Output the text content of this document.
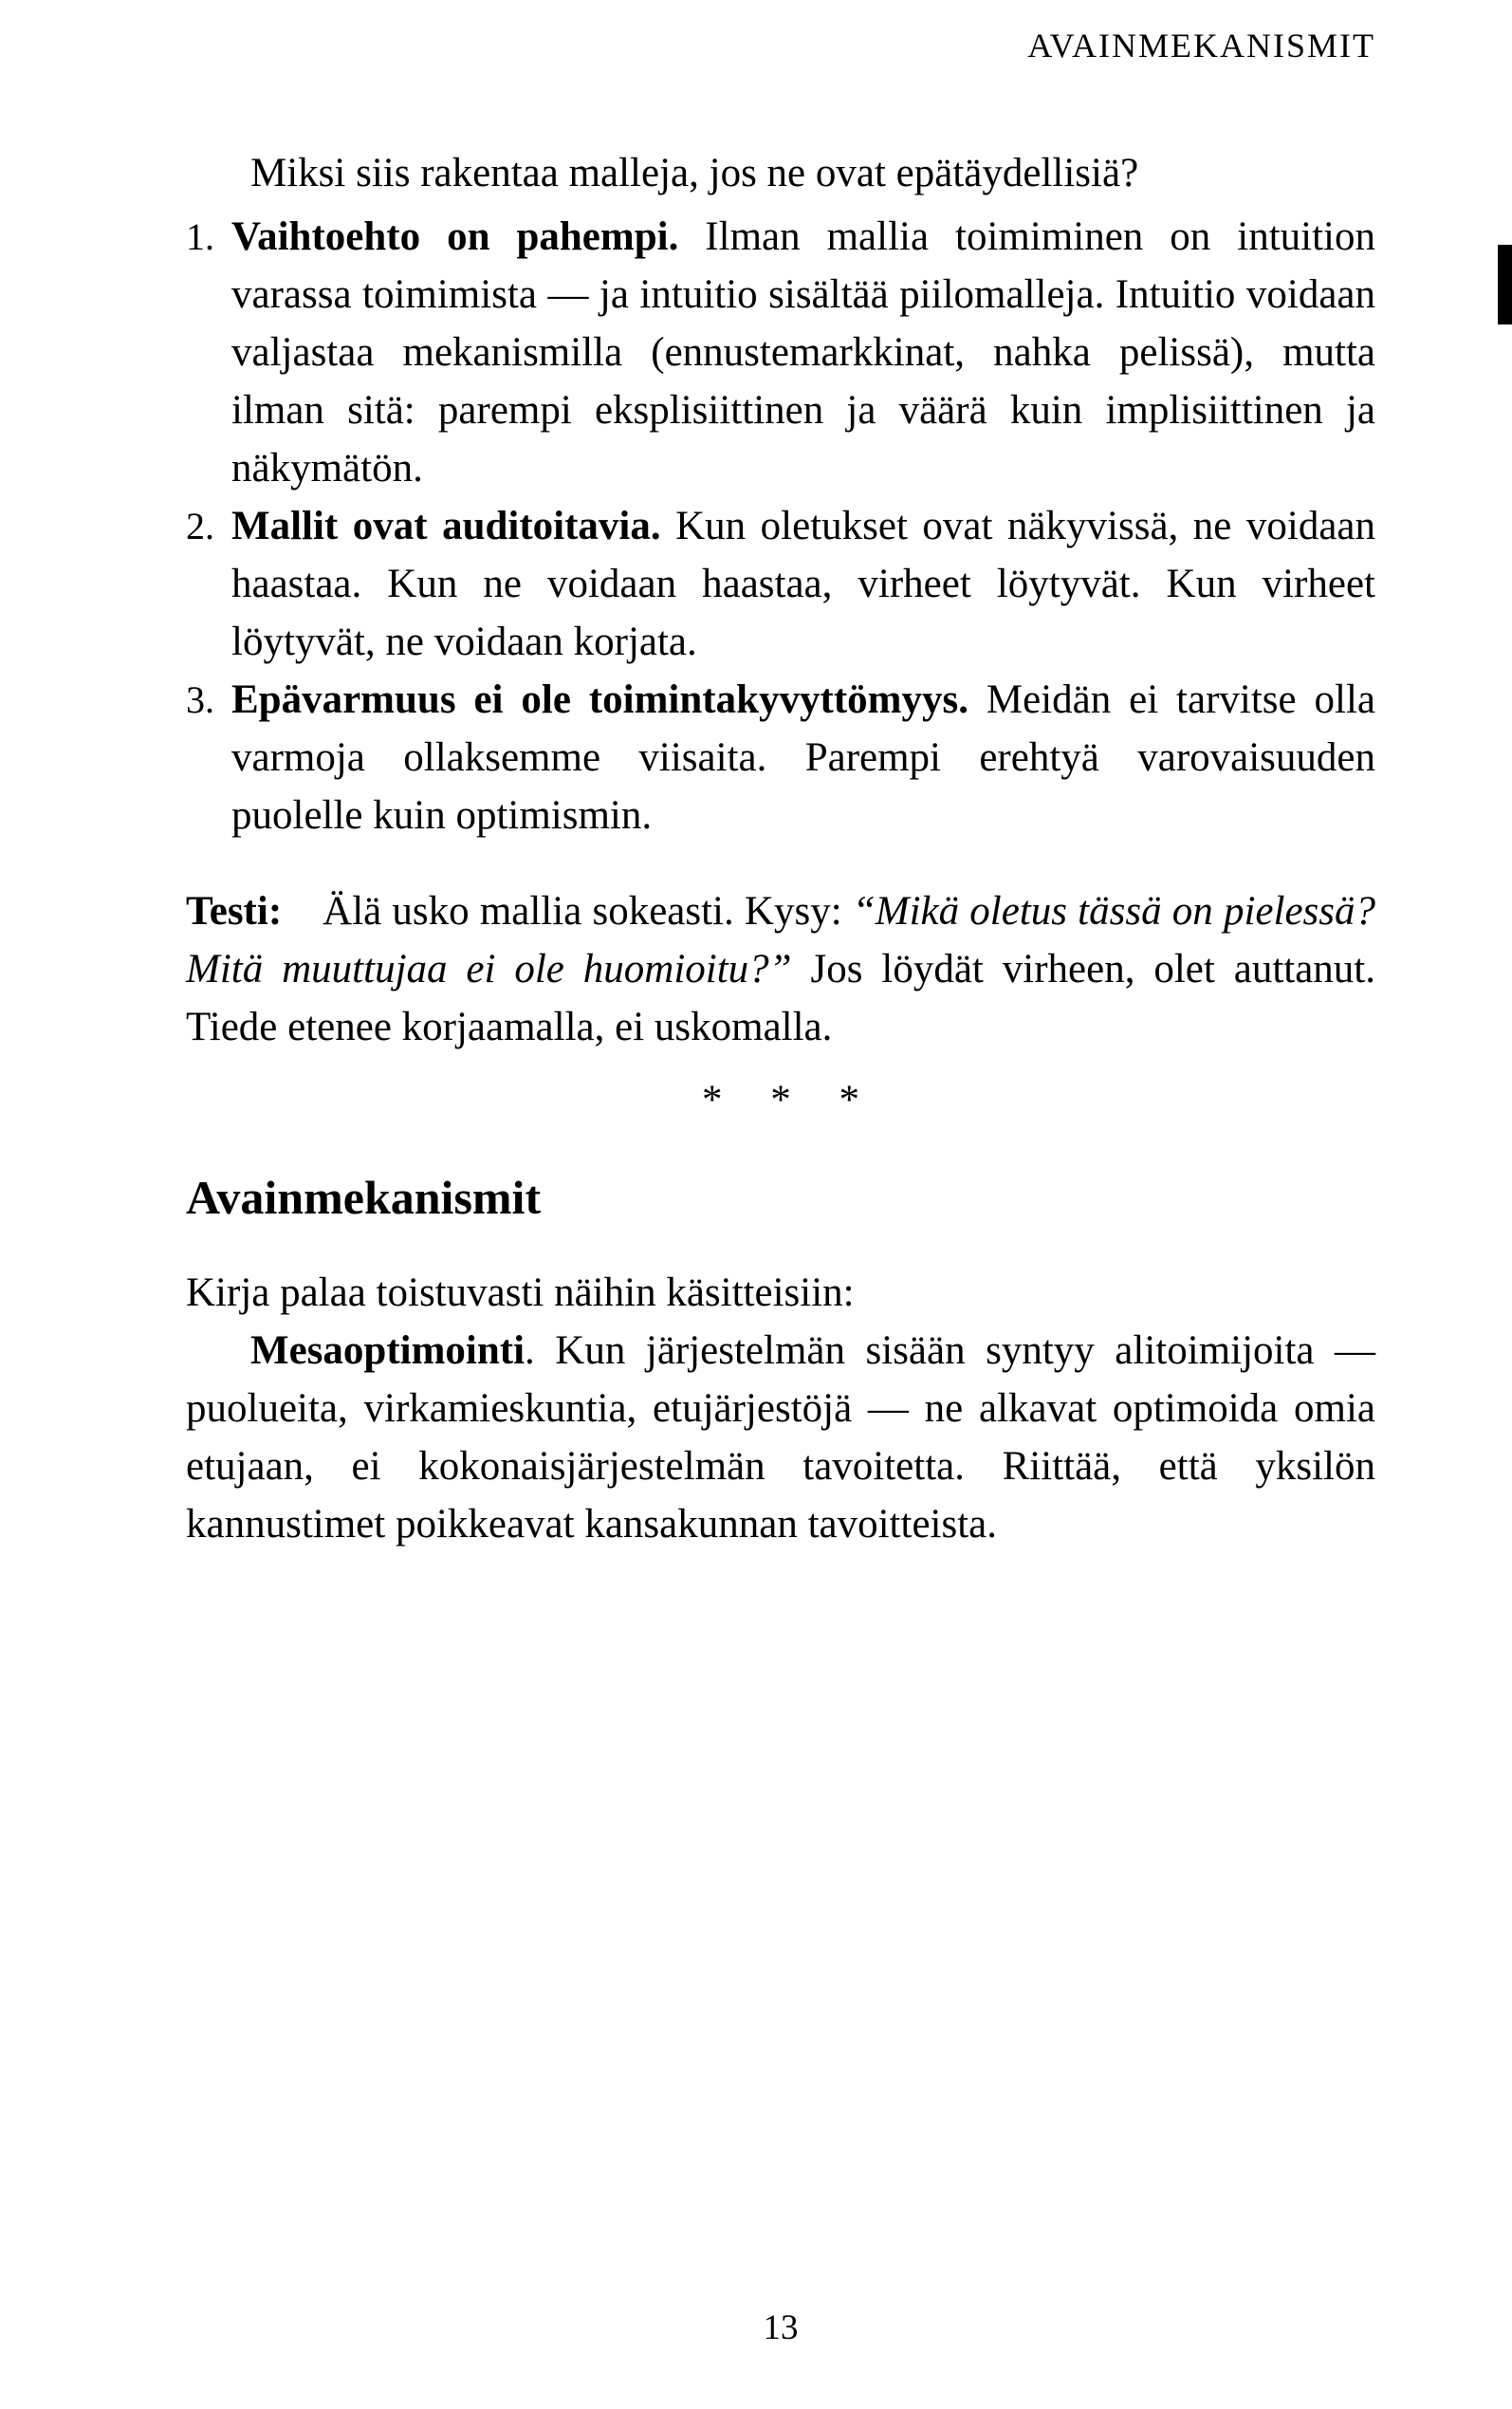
AVAINMEKANISMIT

Miksi siis rakentaa malleja, jos ne ovat epätäydellisiä?

1. Vaihtoehto on pahempi. Ilman mallia toimiminen on intuition varassa toimimista — ja intuitio sisältää piilomalleja. Intuitio voidaan valjastaa mekanismilla (ennustemarkkinat, nahka pelissä), mutta ilman sitä: parempi eksplisiittinen ja väärä kuin implisiittinen ja näkymätön.
2. Mallit ovat auditoitavia. Kun oletukset ovat näkyvissä, ne voidaan haastaa. Kun ne voidaan haastaa, virheet löytyvät. Kun virheet löytyvät, ne voidaan korjata.
3. Epävarmuus ei ole toimintakyvyttömyys. Meidän ei tarvitse olla varmoja ollaksemme viisaita. Parempi erehtyä varovaisuuden puolelle kuin optimismin.

Testi: Älä usko mallia sokeasti. Kysy: “Mikä oletus tässä on pielessä? Mitä muuttujaa ei ole huomioitu?” Jos löydät virheen, olet auttanut. Tiede etenee korjaamalla, ei uskomalla.

* * *
Avainmekanismit

Kirja palaa toistuvasti näihin käsitteisiin:

Mesaoptimointi. Kun järjestelmän sisään syntyy alitoimijoita — puolueita, virkamieskuntia, etujärjestöjä — ne alkavat optimoida omia etujaan, ei kokonaisjärjestelmän tavoitetta. Riittää, että yksilön kannustimet poikkeavat kansakunnan tavoitteista.

13
